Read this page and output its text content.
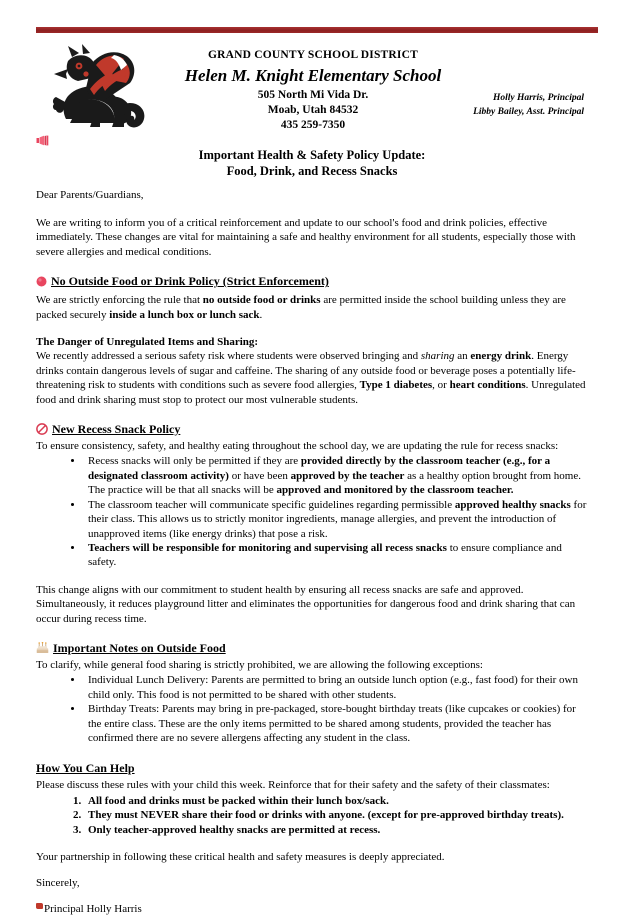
GRAND COUNTY SCHOOL DISTRICT
Helen M. Knight Elementary School
505 North Mi Vida Dr.
Moab, Utah 84532
435 259-7350
Holly Harris, Principal
Libby Bailey, Asst. Principal
Important Health & Safety Policy Update:
Food, Drink, and Recess Snacks
Dear Parents/Guardians,

We are writing to inform you of a critical reinforcement and update to our school's food and drink policies, effective immediately. These changes are vital for maintaining a safe and healthy environment for all students, especially those with severe allergies and medical conditions.

No Outside Food or Drink Policy (Strict Enforcement)

We are strictly enforcing the rule that no outside food or drinks are permitted inside the school building unless they are packed securely inside a lunch box or lunch sack.

The Danger of Unregulated Items and Sharing:

We recently addressed a serious safety risk where students were observed bringing and sharing an energy drink. Energy drinks contain dangerous levels of sugar and caffeine. The sharing of any outside food or beverage poses a potentially life-threatening risk to students with conditions such as severe food allergies, Type 1 diabetes, or heart conditions. Unregulated food and drink sharing must stop to protect our most vulnerable students.

New Recess Snack Policy

To ensure consistency, safety, and healthy eating throughout the school day, we are updating the rule for recess snacks:

• Recess snacks will only be permitted if they are provided directly by the classroom teacher (e.g., for a designated classroom activity) or have been approved by the teacher as a healthy option brought from home. The practice will be that all snacks will be approved and monitored by the classroom teacher.
• The classroom teacher will communicate specific guidelines regarding permissible approved healthy snacks for their class. This allows us to strictly monitor ingredients, manage allergies, and prevent the introduction of unapproved items (like energy drinks) that pose a risk.
• Teachers will be responsible for monitoring and supervising all recess snacks to ensure compliance and safety.

This change aligns with our commitment to student health by ensuring all recess snacks are safe and approved. Simultaneously, it reduces playground litter and eliminates the opportunities for dangerous food and drink sharing that can occur during recess time.

Important Notes on Outside Food

To clarify, while general food sharing is strictly prohibited, we are allowing the following exceptions:

• Individual Lunch Delivery: Parents are permitted to bring an outside lunch option (e.g., fast food) for their own child only. This food is not permitted to be shared with other students.
• Birthday Treats: Parents may bring in pre-packaged, store-bought birthday treats (like cupcakes or cookies) for the entire class. These are the only items permitted to be shared among students, provided the teacher has confirmed there are no severe allergens affecting any student in the class.
How You Can Help

Please discuss these rules with your child this week. Reinforce that for their safety and the safety of their classmates:

1. All food and drinks must be packed within their lunch box/sack.
2. They must NEVER share their food or drinks with anyone. (except for pre-approved birthday treats).
3. Only teacher-approved healthy snacks are permitted at recess.
Your partnership in following these critical health and safety measures is deeply appreciated.
Sincerely,
Principal Holly Harris
